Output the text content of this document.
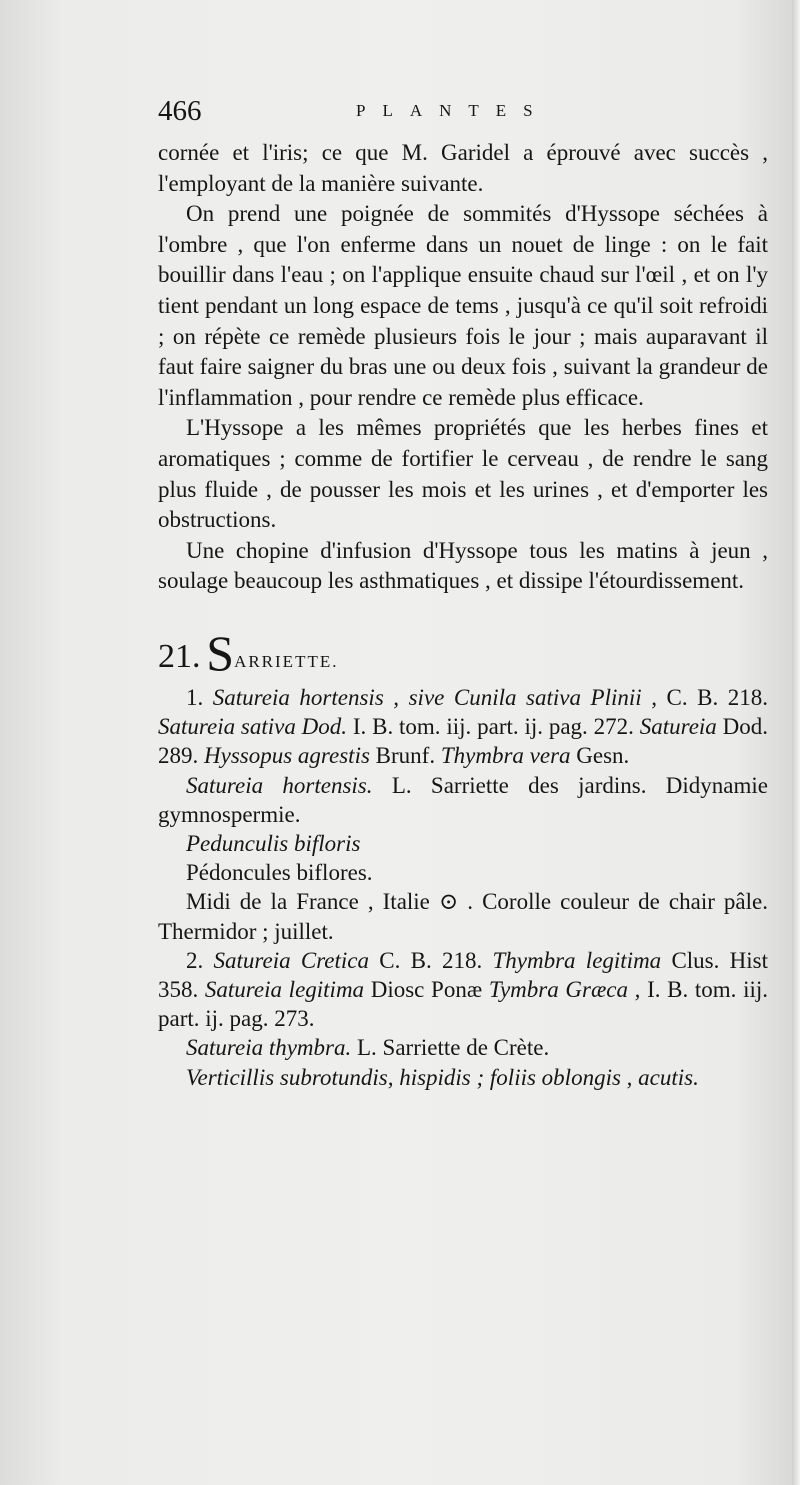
466	PLANTES

cornée et l'iris; ce que M. Garidel a éprouvé avec succès , l'employant de la manière suivante.

On prend une poignée de sommités d'Hyssope séchées à l'ombre , que l'on enferme dans un nouet de linge : on le fait bouillir dans l'eau ; on l'applique ensuite chaud sur l'œil , et on l'y tient pendant un long espace de tems , jusqu'à ce qu'il soit refroidi ; on répète ce remède plusieurs fois le jour ; mais auparavant il faut faire saigner du bras une ou deux fois , suivant la grandeur de l'inflammation , pour rendre ce remède plus efficace.

L'Hyssope a les mêmes propriétés que les herbes fines et aromatiques ; comme de fortifier le cerveau , de rendre le sang plus fluide , de pousser les mois et les urines , et d'emporter les obstructions.

Une chopine d'infusion d'Hyssope tous les matins à jeun , soulage beaucoup les asthmatiques , et dissipe l'étourdissement.

21. SARRIETTE.

1. Satureia hortensis , sive Cunila sativa Plinii , C. B. 218. Satureia sativa Dod. I. B. tom. iij. part. ij. pag. 272. Satureia Dod. 289. Hyssopus agrestis Brunf. Thymbra vera Gesn.

Satureia hortensis. L. Sarriette des jardins. Didynamie gymnospermie.

Pedunculis bifloris

Pédoncules biflores.

Midi de la France , Italie ⊙ . Corolle couleur de chair pâle. Thermidor ; juillet.

2. Satureia Cretica C. B. 218. Thymbra legitima Clus. Hist 358. Satureia legitima Diosc Ponæ Tymbra Græca , I. B. tom. iij. part. ij. pag. 273.

Satureia thymbra. L. Sarriette de Crète.

Verticillis subrotundis, hispidis ; foliis oblongis , acutis.
